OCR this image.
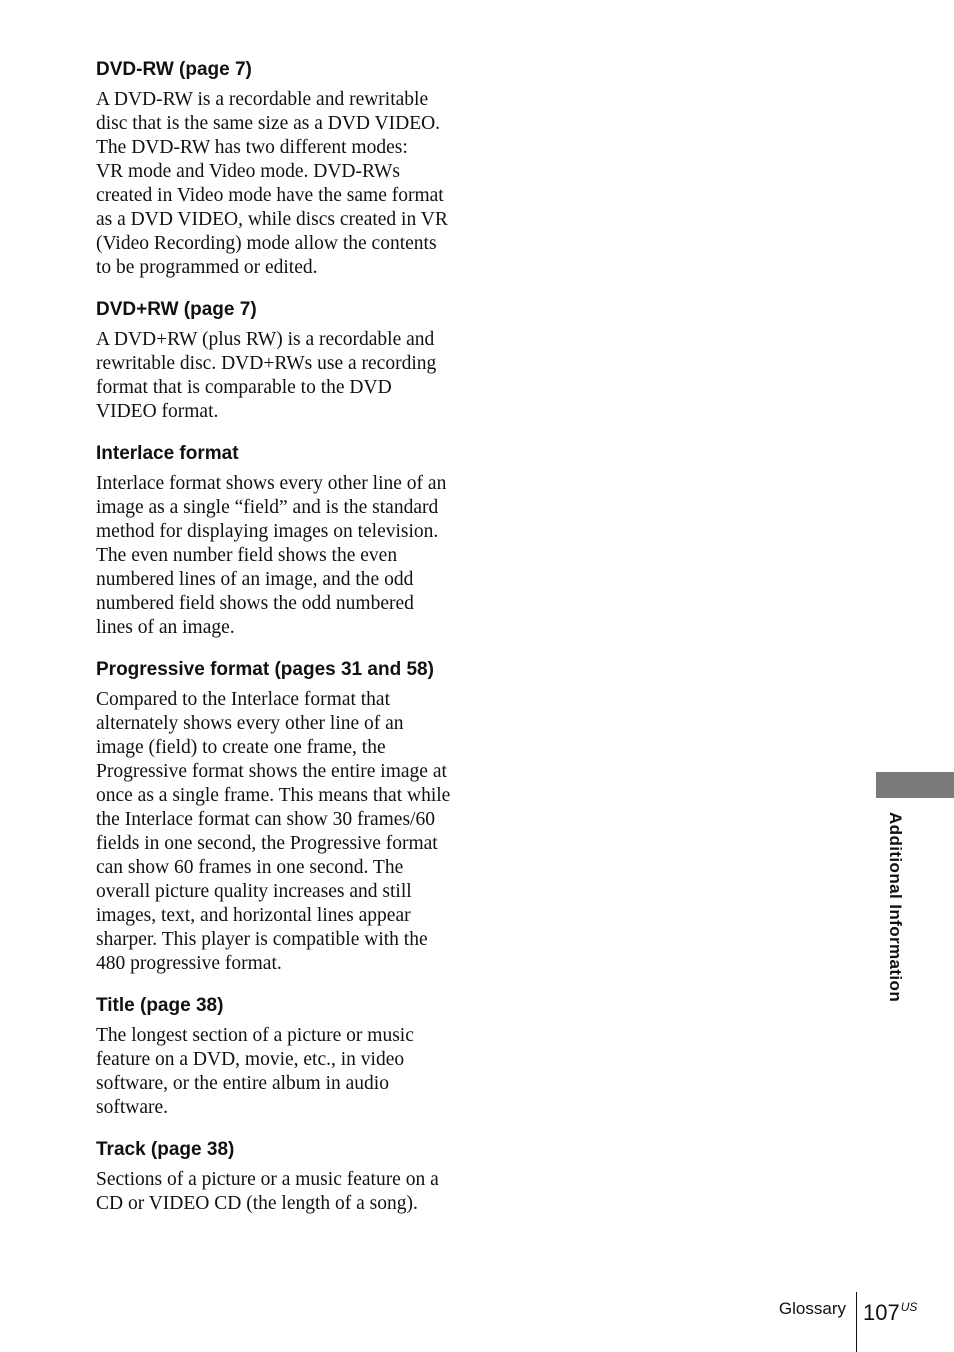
DVD-RW (page 7)

A DVD-RW is a recordable and rewritable
disc that is the same size as a DVD VIDEO.
The DVD-RW has two different modes:
VR mode and Video mode. DVD-RWs
created in Video mode have the same format
as a DVD VIDEO, while discs created in VR
(Video Recording) mode allow the contents
to be programmed or edited.

DVD+RW (page 7)

A DVD+RW (plus RW) is a recordable and
rewritable disc. DVD+RWs use a recording
format that is comparable to the DVD
VIDEO format.

Interlace format

Interlace format shows every other line of an
image as a single “field” and is the standard
method for displaying images on television.
The even number field shows the even
numbered lines of an image, and the odd
numbered field shows the odd numbered
lines of an image.

Progressive format (pages 31 and 58)

Compared to the Interlace format that
alternately shows every other line of an
image (field) to create one frame, the
Progressive format shows the entire image at
once as a single frame. This means that while
the Interlace format can show 30 frames/60
fields in one second, the Progressive format
can show 60 frames in one second. The
overall picture quality increases and still
images, text, and horizontal lines appear
sharper. This player is compatible with the
480 progressive format.

Title (page 38)

The longest section of a picture or music
feature on a DVD, movie, etc., in video
software, or the entire album in audio
software.

Track (page 38)

Sections of a picture or a music feature on a
CD or VIDEO CD (the length of a song).

Additional Information
Glossary $107^{US}$
